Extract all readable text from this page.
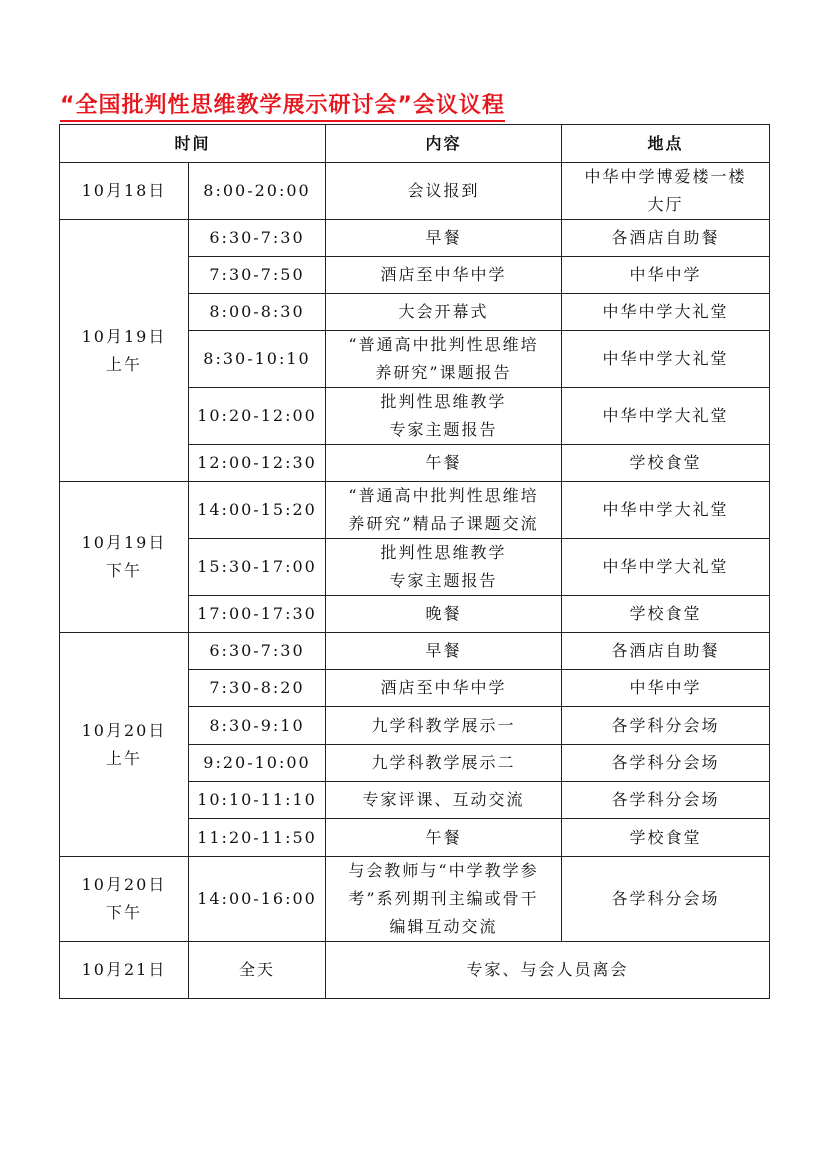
“全国批判性思维教学展示研讨会”会议议程
时间		内容	地点
10月18日	8:00-20:00	会议报到	中华中学博爱楼一楼
大厅

10月19日
上午	6:30-7:30	早餐	各酒店自助餐
	7:30-7:50	酒店至中华中学	中华中学
	8:00-8:30	大会开幕式	中华中学大礼堂
	8:30-10:10	“普通高中批判性思维培
养研究”课题报告	中华中学大礼堂
	10:20-12:00	批判性思维教学
专家主题报告	中华中学大礼堂
	12:00-12:30	午餐	学校食堂

10月19日
下午	14:00-15:20	“普通高中批判性思维培
养研究”精品子课题交流	中华中学大礼堂
	15:30-17:00	批判性思维教学
专家主题报告	中华中学大礼堂
	17:00-17:30	晚餐	学校食堂

10月20日
上午	6:30-7:30	早餐	各酒店自助餐
	7:30-8:20	酒店至中华中学	中华中学
	8:30-9:10	九学科教学展示一	各学科分会场
	9:20-10:00	九学科教学展示二	各学科分会场
	10:10-11:10	专家评课、互动交流	各学科分会场
	11:20-11:50	午餐	学校食堂

10月20日
下午	14:00-16:00	与会教师与“中学教学参
考”系列期刊主编或骨干
编辑互动交流	各学科分会场
10月21日	全天	专家、与会人员离会	
